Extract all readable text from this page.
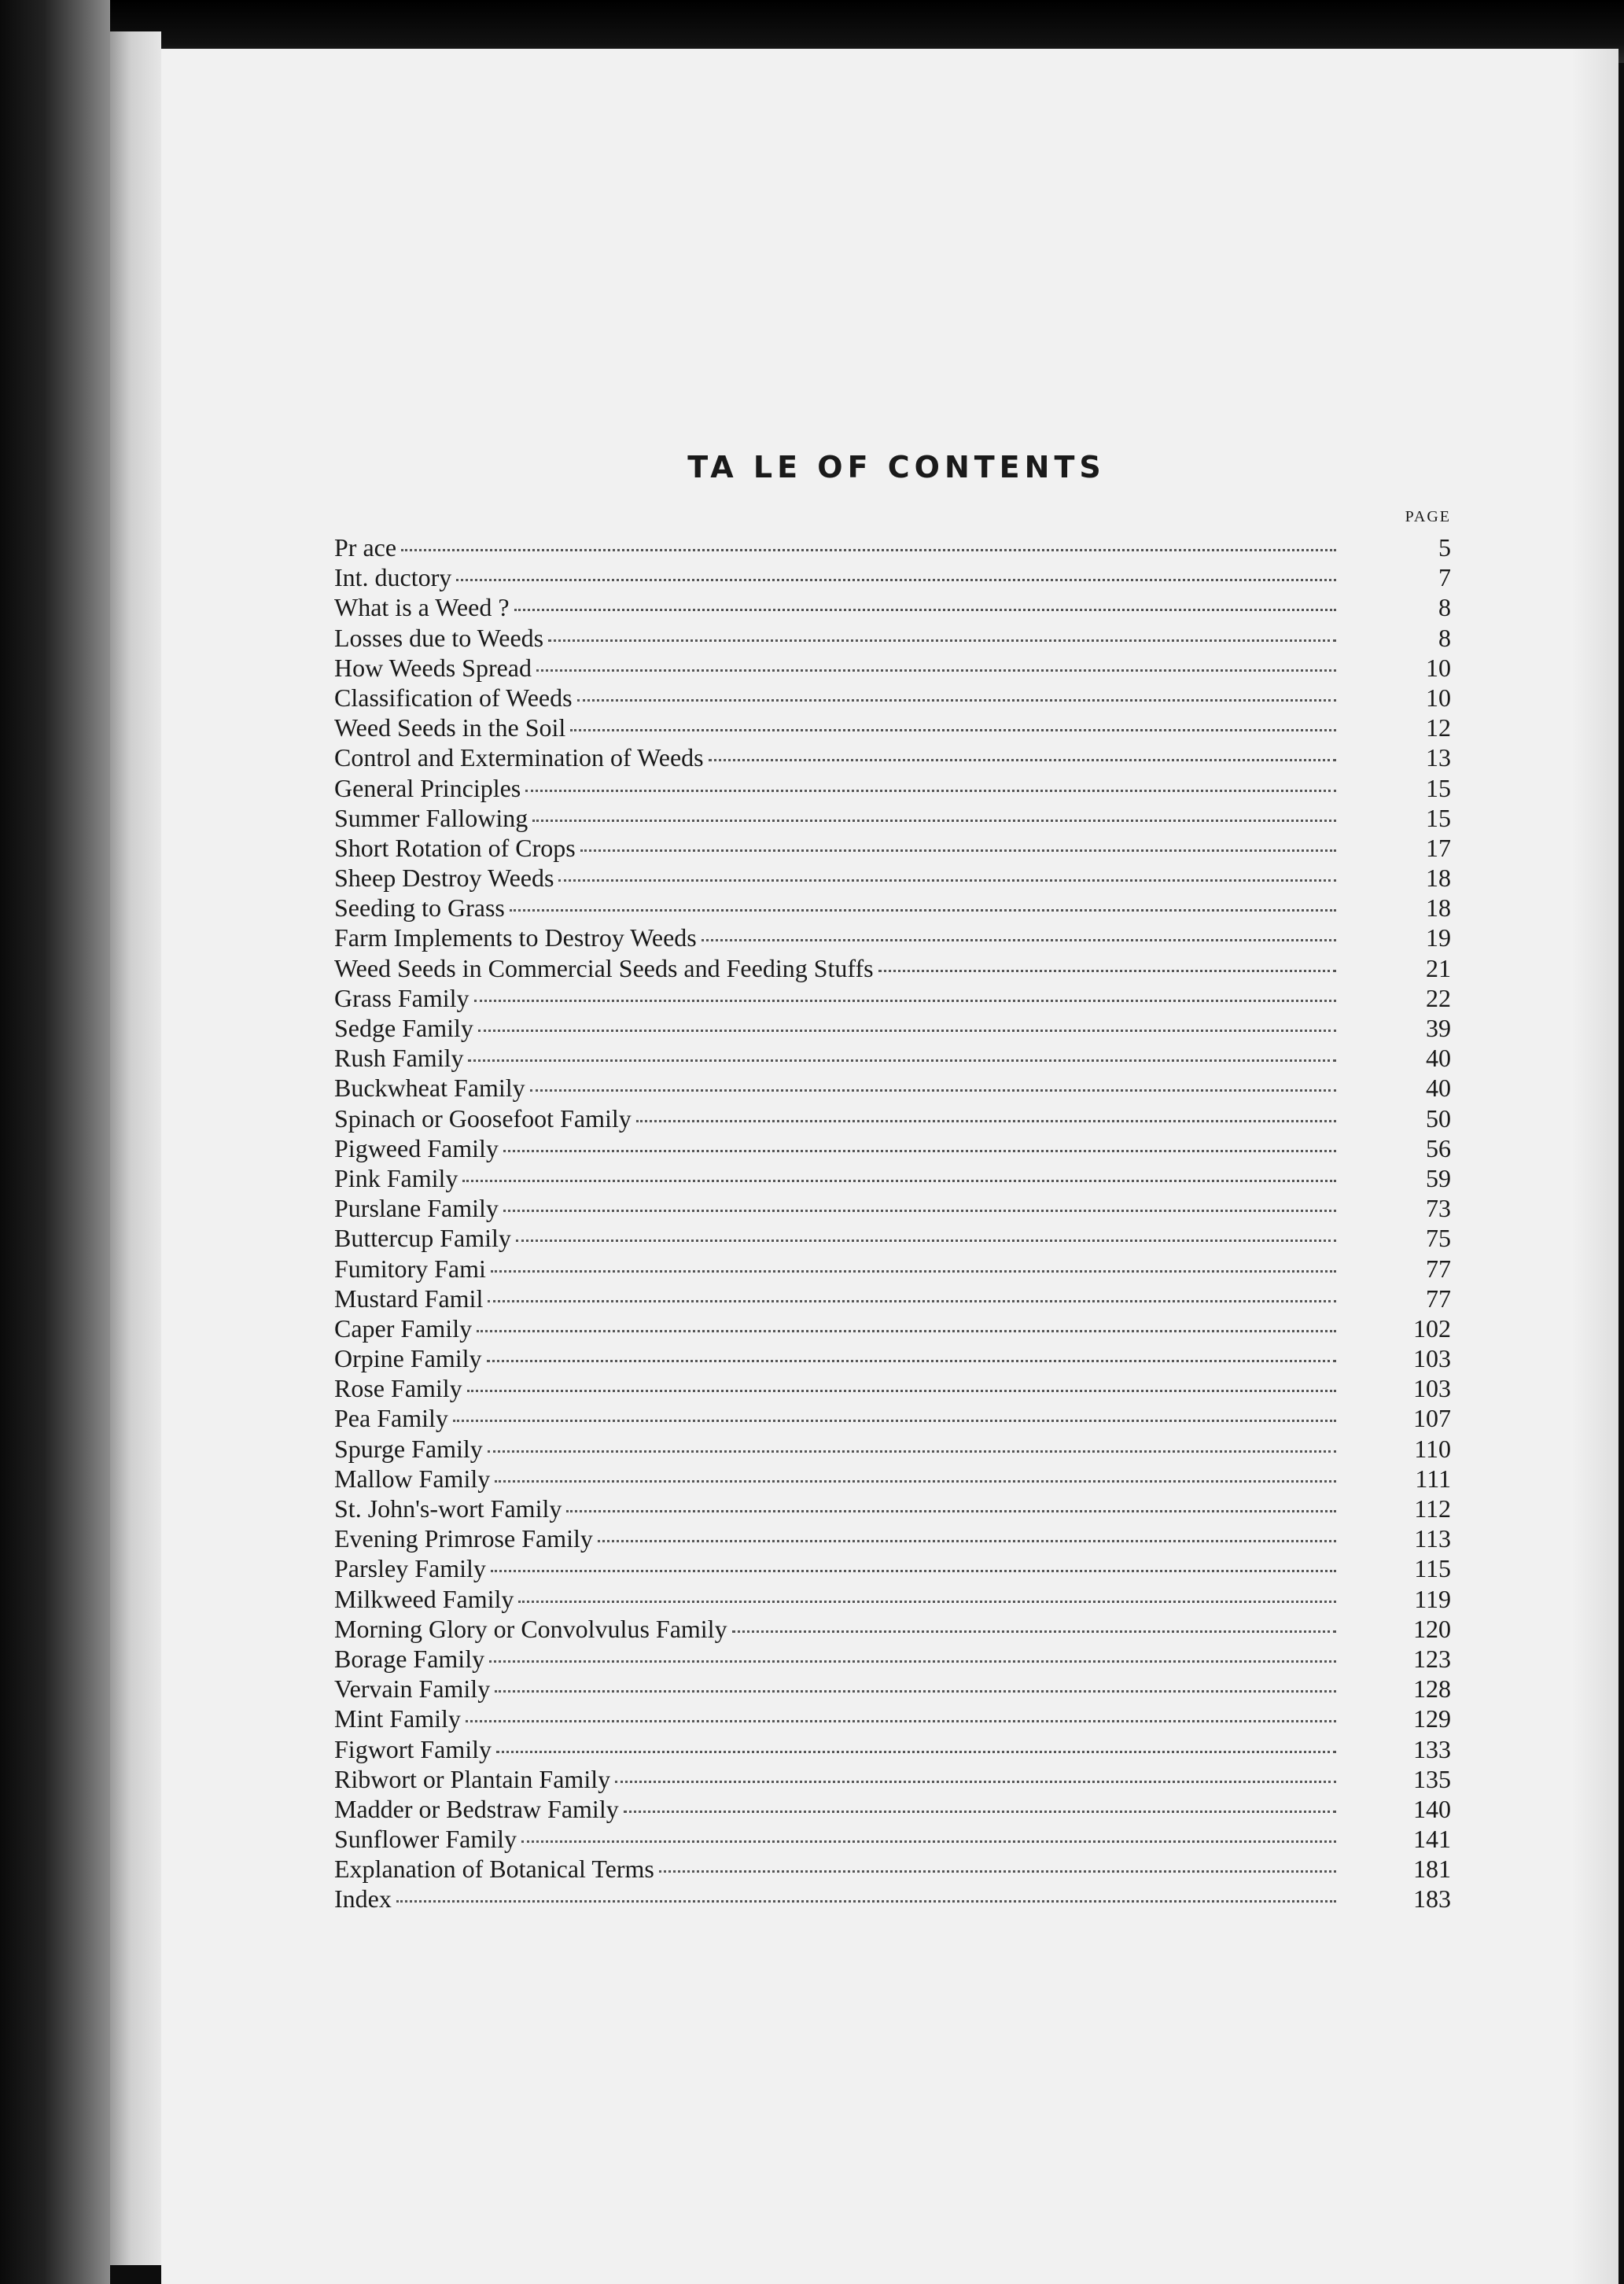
TA LE OF CONTENTS
PAGE
Pr ace	5
Int. ductory	7
What is a Weed ?	8
Losses due to Weeds	8
How Weeds Spread	10
Classification of Weeds	10
Weed Seeds in the Soil	12
Control and Extermination of Weeds	13
General Principles	15
Summer Fallowing	15
Short Rotation of Crops	17
Sheep Destroy Weeds	18
Seeding to Grass	18
Farm Implements to Destroy Weeds	19
Weed Seeds in Commercial Seeds and Feeding Stuffs	21
Grass Family	22
Sedge Family	39
Rush Family	40
Buckwheat Family	40
Spinach or Goosefoot Family	50
Pigweed Family	56
Pink Family	59
Purslane Family	73
Buttercup Family	75
Fumitory Fami	77
Mustard Famil	77
Caper Family	102
Orpine Family	103
Rose Family	103
Pea Family	107
Spurge Family	110
Mallow Family	111
St. John's-wort Family	112
Evening Primrose Family	113
Parsley Family	115
Milkweed Family	119
Morning Glory or Convolvulus Family	120
Borage Family	123
Vervain Family	128
Mint Family	129
Figwort Family	133
Ribwort or Plantain Family	135
Madder or Bedstraw Family	140
Sunflower Family	141
Explanation of Botanical Terms	181
Index	183
